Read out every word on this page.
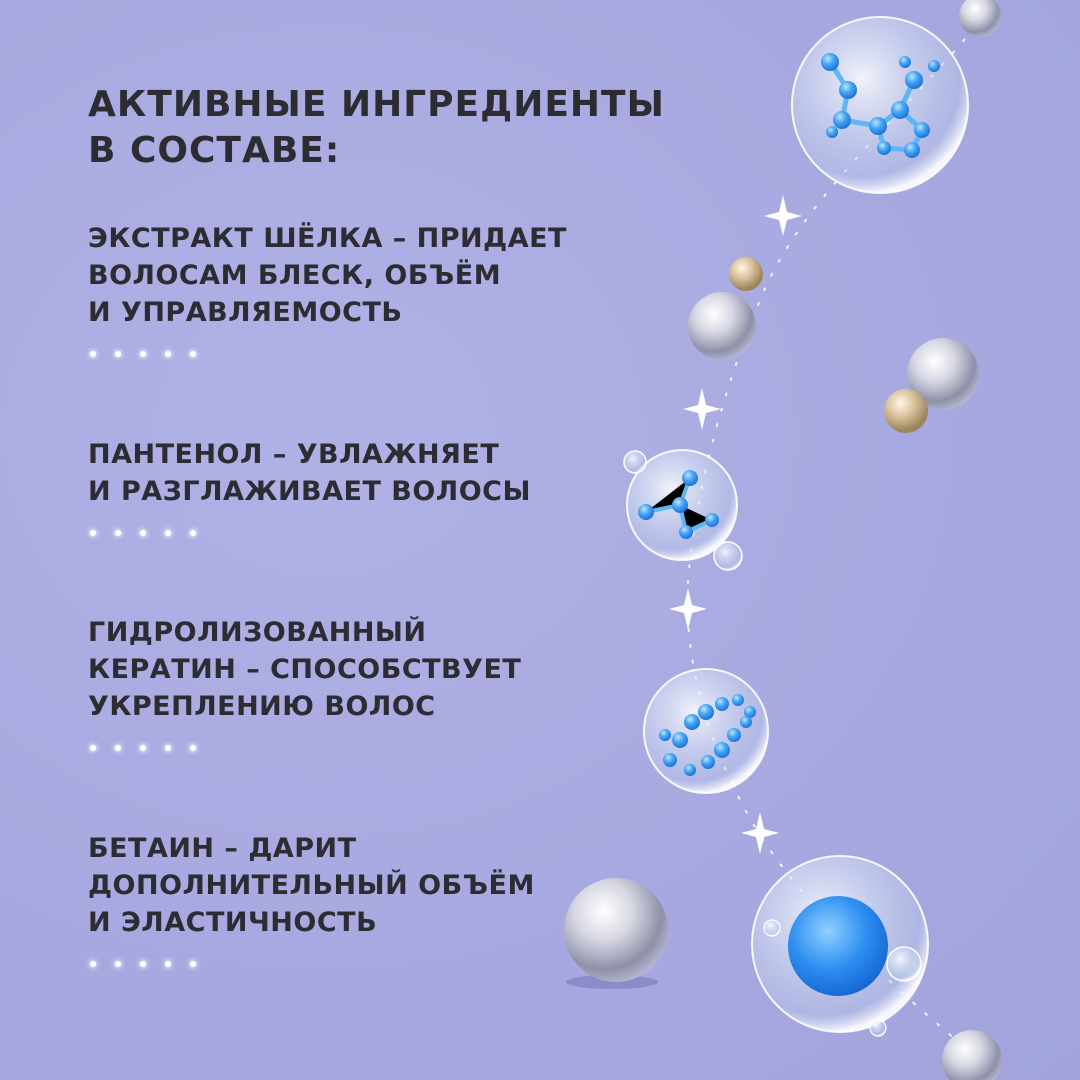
АКТИВНЫЕ ИНГРЕДИЕНТЫ
В СОСТАВЕ:

ЭКСТРАКТ ШЁЛКА – ПРИДАЕТ
ВОЛОСАМ БЛЕСК, ОБЪЁМ
И УПРАВЛЯЕМОСТЬ

ПАНТЕНОЛ – УВЛАЖНЯЕТ
И РАЗГЛАЖИВАЕТ ВОЛОСЫ

ГИДРОЛИЗОВАННЫЙ
КЕРАТИН – СПОСОБСТВУЕТ
УКРЕПЛЕНИЮ ВОЛОС

БЕТАИН – ДАРИТ
ДОПОЛНИТЕЛЬНЫЙ ОБЪЁМ
И ЭЛАСТИЧНОСТЬ
